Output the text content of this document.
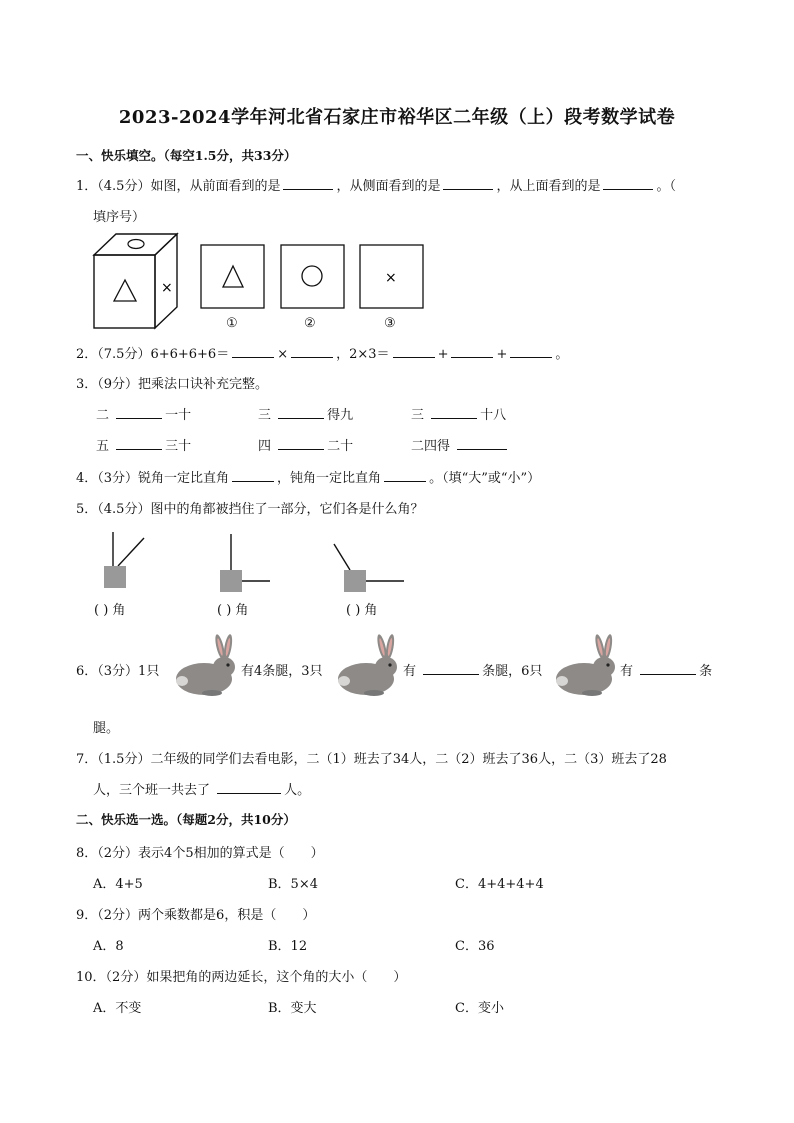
2023-2024学年河北省石家庄市裕华区二年级（上）段考数学试卷
一、快乐填空。（每空1.5分，共33分）
1．（4.5分）如图，从前面看到的是	，从侧面看到的是	，从上面看到的是	。（
填序号）
×
×
①	②	③
2．（7.5分）6+6+6+6＝	×	，2×3＝	+	+	。
3．（9分）把乘法口诀补充完整。
二	一十	三	得九	三	十八
五	三十	四	二十	二四得
4．（3分）锐角一定比直角	，钝角一定比直角	。（填“大”或“小”）
5．（4.5分）图中的角都被挡住了一部分，它们各是什么角？
( ) 角	( ) 角	( ) 角
6．（3分）1只	有4条腿，3只	有	条腿，6只	有	条
腿。
7．（1.5分）二年级的同学们去看电影，二（1）班去了34人，二（2）班去了36人，二（3）班去了28
人，三个班一共去了	人。
二、快乐选一选。（每题2分，共10分）
8．（2分）表示4个5相加的算式是（　　）
A．4+5	B．5×4	C．4+4+4+4
9．（2分）两个乘数都是6，积是（　　）
A．8	B．12	C．36
10．（2分）如果把角的两边延长，这个角的大小（　　）
A．不变	B．变大	C．变小
